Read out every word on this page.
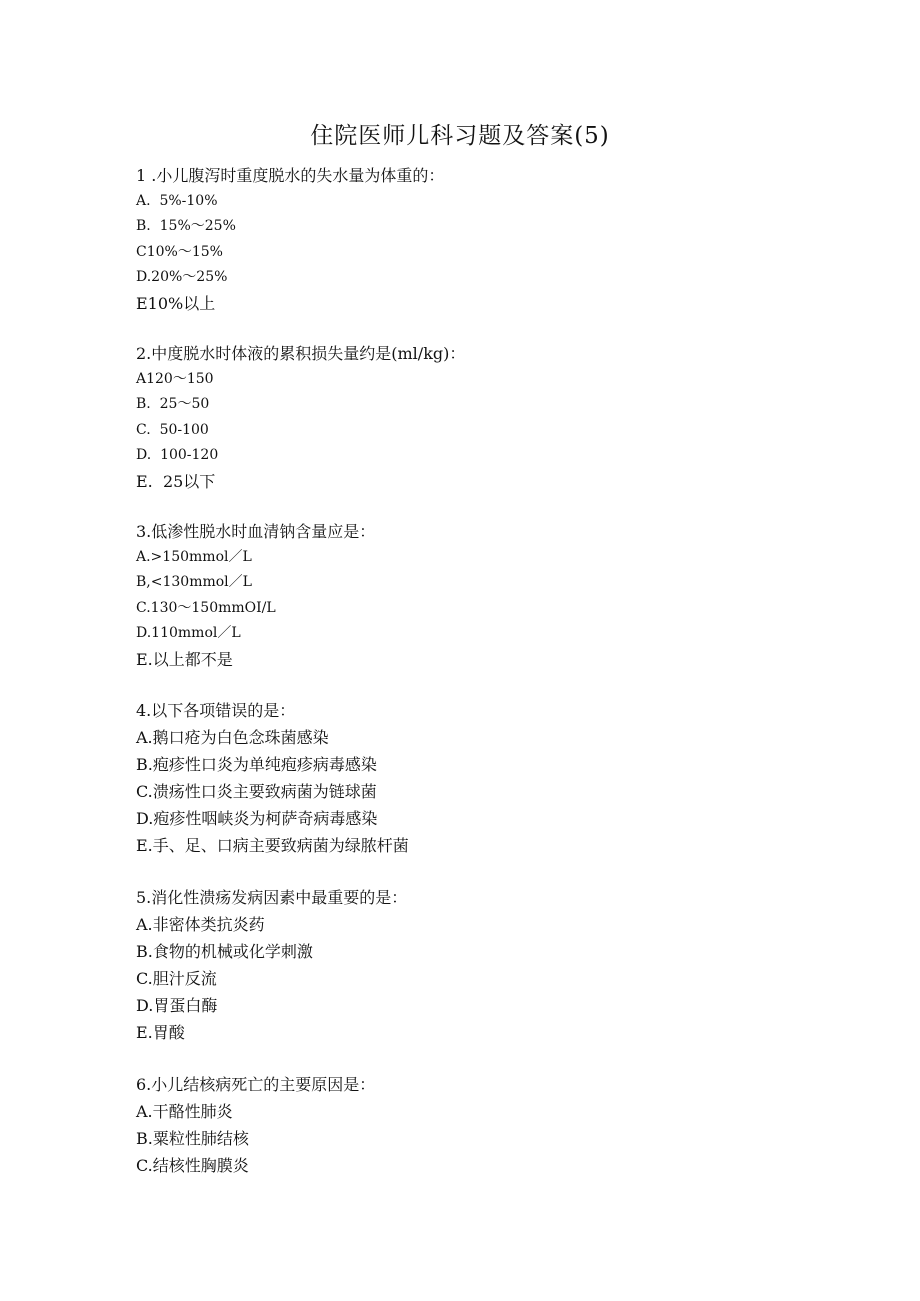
住院医师儿科习题及答案(5)
1 .小儿腹泻时重度脱水的失水量为体重的：
A.  5%-10%
B.  15%～25%
C10%～15%
D.20%～25%
E10%以上
2.中度脱水时体液的累积损失量约是(ml/kg)：
A120～150
B.  25～50
C.  50-100
D.  100-120
E.  25以下
3.低渗性脱水时血清钠含量应是：
A.>150mmol／L
B,<130mmol／L
C.130～150mmOI/L
D.110mmol／L
E.以上都不是
4.以下各项错误的是：
A.鹅口疮为白色念珠菌感染
B.疱疹性口炎为单纯疱疹病毒感染
C.溃疡性口炎主要致病菌为链球菌
D.疱疹性咽峡炎为柯萨奇病毒感染
E.手、足、口病主要致病菌为绿脓杆菌
5.消化性溃疡发病因素中最重要的是：
A.非密体类抗炎药
B.食物的机械或化学刺激
C.胆汁反流
D.胃蛋白酶
E.胃酸
6.小儿结核病死亡的主要原因是：
A.干酪性肺炎
B.粟粒性肺结核
C.结核性胸膜炎
